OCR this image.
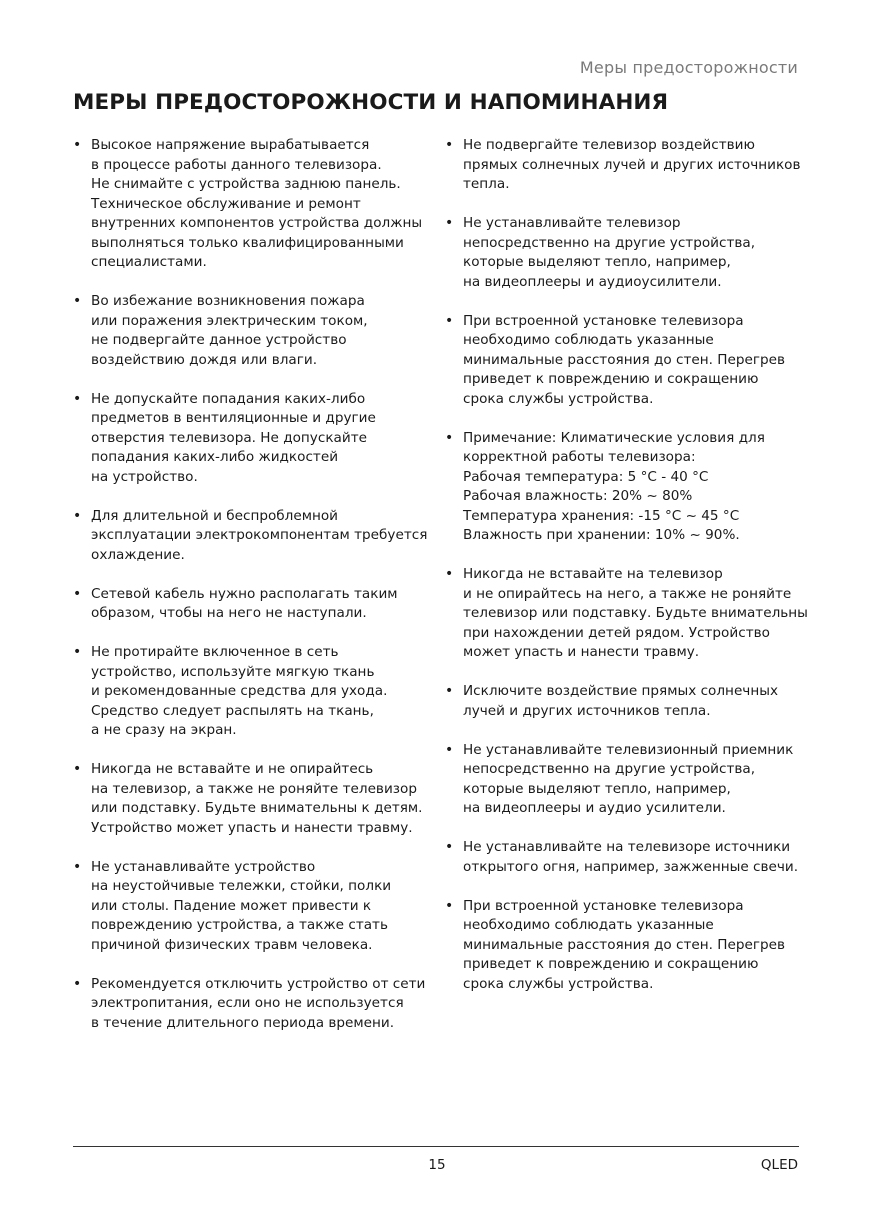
Меры предосторожности
МЕРЫ ПРЕДОСТОРОЖНОСТИ И НАПОМИНАНИЯ
• Высокое напряжение вырабатывается
в процессе работы данного телевизора.
Не снимайте с устройства заднюю панель.
Техническое обслуживание и ремонт
внутренних компонентов устройства должны
выполняться только квалифицированными
специалистами.
• Во избежание возникновения пожара
или поражения электрическим током,
не подвергайте данное устройство
воздействию дождя или влаги.
• Не допускайте попадания каких-либо
предметов в вентиляционные и другие
отверстия телевизора. Не допускайте
попадания каких-либо жидкостей
на устройство.
• Для длительной и беспроблемной
эксплуатации электрокомпонентам требуется
охлаждение.
• Сетевой кабель нужно располагать таким
образом, чтобы на него не наступали.
• Не протирайте включенное в сеть
устройство, используйте мягкую ткань
и рекомендованные средства для ухода.
Средство следует распылять на ткань,
а не сразу на экран.
• Никогда не вставайте и не опирайтесь
на телевизор, а также не роняйте телевизор
или подставку. Будьте внимательны к детям.
Устройство может упасть и нанести травму.
• Не устанавливайте устройство
на неустойчивые тележки, стойки, полки
или столы. Падение может привести к
повреждению устройства, а также стать
причиной физических травм человека.
• Рекомендуется отключить устройство от сети
электропитания, если оно не используется
в течение длительного периода времени.
• Не подвергайте телевизор воздействию
прямых солнечных лучей и других источников
тепла.
• Не устанавливайте телевизор
непосредственно на другие устройства,
которые выделяют тепло, например,
на видеоплееры и аудиоусилители.
• При встроенной установке телевизора
необходимо соблюдать указанные
минимальные расстояния до стен. Перегрев
приведет к повреждению и сокращению
срока службы устройства.
• Примечание: Климатические условия для
корректной работы телевизора:
Рабочая температура: 5 °С - 40 °С
Рабочая влажность: 20% ~ 80%
Температура хранения: -15 °С ~ 45 °С
Влажность при хранении: 10% ~ 90%.
• Никогда не вставайте на телевизор
и не опирайтесь на него, а также не роняйте
телевизор или подставку. Будьте внимательны
при нахождении детей рядом. Устройство
может упасть и нанести травму.
• Исключите воздействие прямых солнечных
лучей и других источников тепла.
• Не устанавливайте телевизионный приемник
непосредственно на другие устройства,
которые выделяют тепло, например,
на видеоплееры и аудио усилители.
• Не устанавливайте на телевизоре источники
открытого огня, например, зажженные свечи.
• При встроенной установке телевизора
необходимо соблюдать указанные
минимальные расстояния до стен. Перегрев
приведет к повреждению и сокращению
срока службы устройства.
15	QLED
